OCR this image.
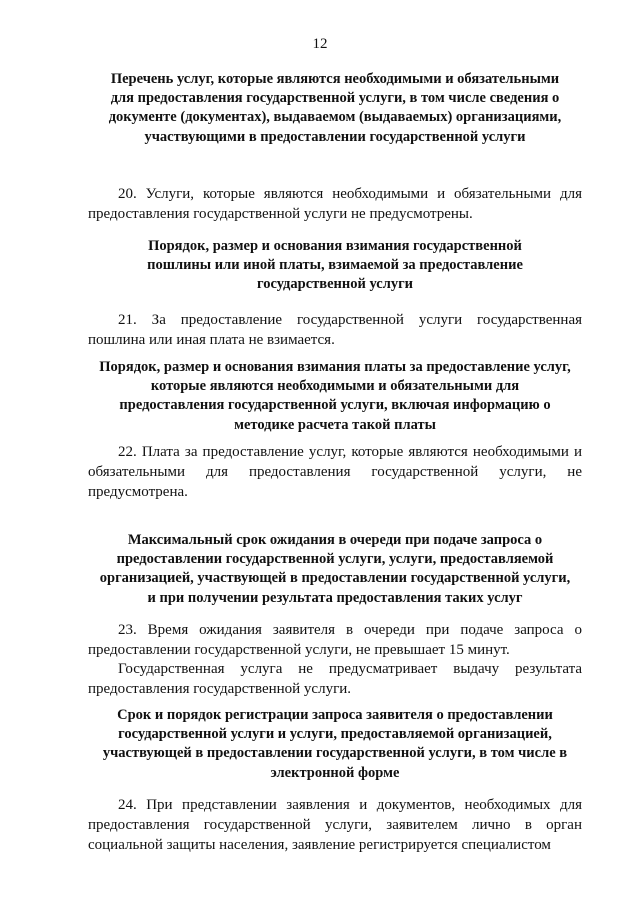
12
Перечень услуг, которые являются необходимыми и обязательными для предоставления государственной услуги, в том числе сведения о документе (документах), выдаваемом (выдаваемых) организациями, участвующими в предоставлении государственной услуги
20. Услуги, которые являются необходимыми и обязательными для предоставления государственной услуги не предусмотрены.
Порядок, размер и основания взимания государственной пошлины или иной платы, взимаемой за предоставление государственной услуги
21. За предоставление государственной услуги государственная пошлина или иная плата не взимается.
Порядок, размер и основания взимания платы за предоставление услуг, которые являются необходимыми и обязательными для предоставления государственной услуги, включая информацию о методике расчета такой платы
22. Плата за предоставление услуг, которые являются необходимыми и обязательными для предоставления государственной услуги, не предусмотрена.
Максимальный срок ожидания в очереди при подаче запроса о предоставлении государственной услуги, услуги, предоставляемой организацией, участвующей в предоставлении государственной услуги, и при получении результата предоставления таких услуг
23. Время ожидания заявителя в очереди при подаче запроса о предоставлении государственной услуги, не превышает 15 минут.
Государственная услуга не предусматривает выдачу результата предоставления государственной услуги.
Срок и порядок регистрации запроса заявителя о предоставлении государственной услуги и услуги, предоставляемой организацией, участвующей в предоставлении государственной услуги, в том числе в электронной форме
24. При представлении заявления и документов, необходимых для предоставления государственной услуги, заявителем лично в орган социальной защиты населения, заявление регистрируется специалистом
